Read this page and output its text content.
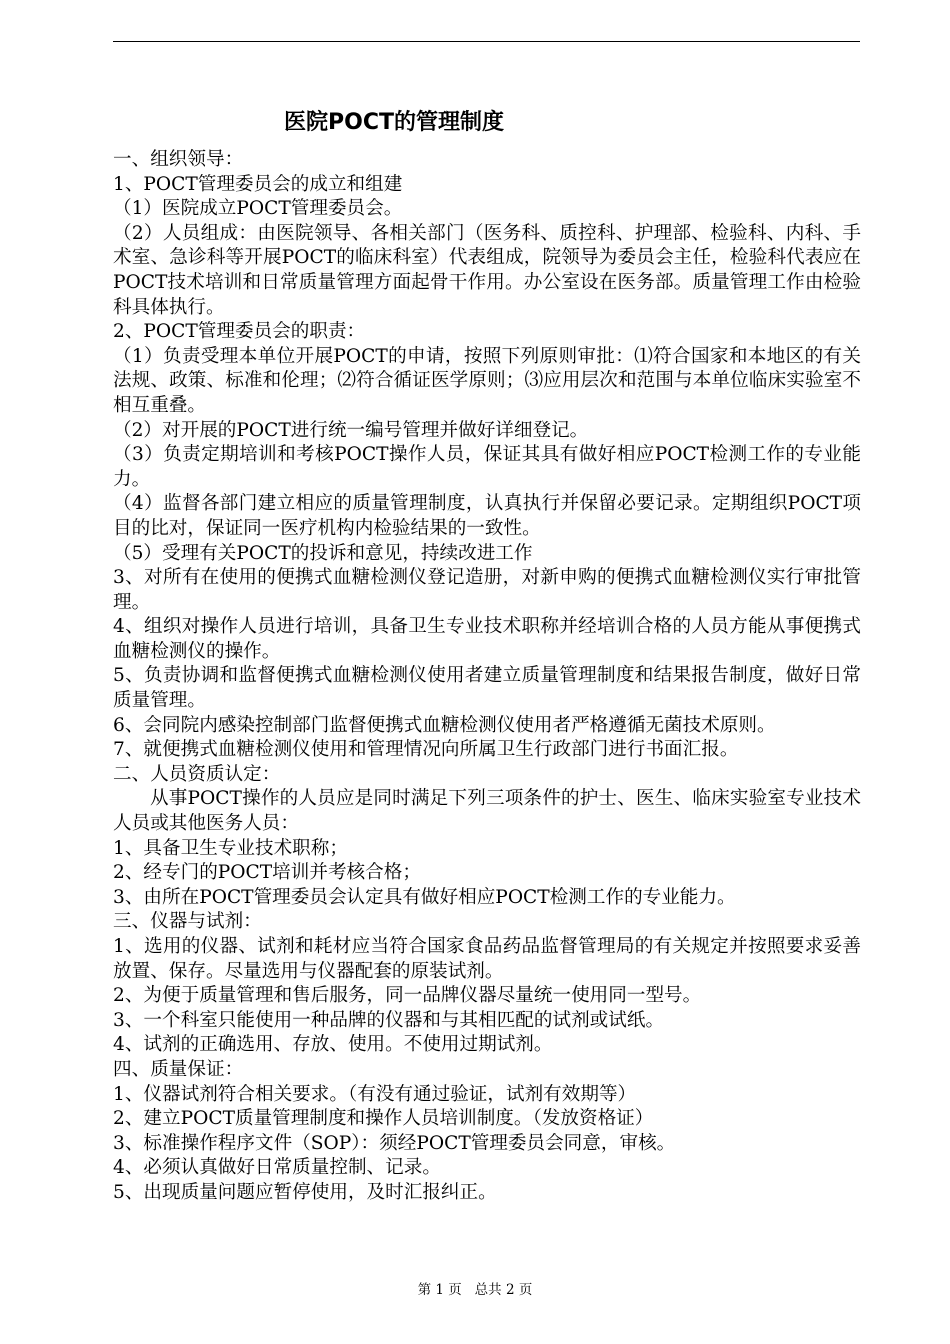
医院POCT的管理制度

一、组织领导：

1、POCT管理委员会的成立和组建

（1）医院成立POCT管理委员会。

（2）人员组成：由医院领导、各相关部门（医务科、质控科、护理部、检验科、内科、手术室、急诊科等开展POCT的临床科室）代表组成，院领导为委员会主任，检验科代表应在POCT技术培训和日常质量管理方面起骨干作用。办公室设在医务部。质量管理工作由检验科具体执行。

2、POCT管理委员会的职责：

（1）负责受理本单位开展POCT的申请，按照下列原则审批：⑴符合国家和本地区的有关法规、政策、标准和伦理；⑵符合循证医学原则；⑶应用层次和范围与本单位临床实验室不相互重叠。

（2）对开展的POCT进行统一编号管理并做好详细登记。

（3）负责定期培训和考核POCT操作人员，保证其具有做好相应POCT检测工作的专业能力。

（4）监督各部门建立相应的质量管理制度，认真执行并保留必要记录。定期组织POCT项目的比对，保证同一医疗机构内检验结果的一致性。

（5）受理有关POCT的投诉和意见，持续改进工作

3、对所有在使用的便携式血糖检测仪登记造册，对新申购的便携式血糖检测仪实行审批管理。

4、组织对操作人员进行培训，具备卫生专业技术职称并经培训合格的人员方能从事便携式血糖检测仪的操作。

5、负责协调和监督便携式血糖检测仪使用者建立质量管理制度和结果报告制度，做好日常质量管理。

6、会同院内感染控制部门监督便携式血糖检测仪使用者严格遵循无菌技术原则。

7、就便携式血糖检测仪使用和管理情况向所属卫生行政部门进行书面汇报。

二、人员资质认定：

从事POCT操作的人员应是同时满足下列三项条件的护士、医生、临床实验室专业技术人员或其他医务人员：

1、具备卫生专业技术职称；

2、经专门的POCT培训并考核合格；

3、由所在POCT管理委员会认定具有做好相应POCT检测工作的专业能力。

三、仪器与试剂：

1、选用的仪器、试剂和耗材应当符合国家食品药品监督管理局的有关规定并按照要求妥善放置、保存。尽量选用与仪器配套的原装试剂。

2、为便于质量管理和售后服务，同一品牌仪器尽量统一使用同一型号。

3、一个科室只能使用一种品牌的仪器和与其相匹配的试剂或试纸。

4、试剂的正确选用、存放、使用。不使用过期试剂。

四、质量保证：

1、仪器试剂符合相关要求。（有没有通过验证，试剂有效期等）

2、建立POCT质量管理制度和操作人员培训制度。（发放资格证）

3、标准操作程序文件（SOP）：须经POCT管理委员会同意，审核。

4、必须认真做好日常质量控制、记录。

5、出现质量问题应暂停使用，及时汇报纠正。

第 1 页   总共 2 页
